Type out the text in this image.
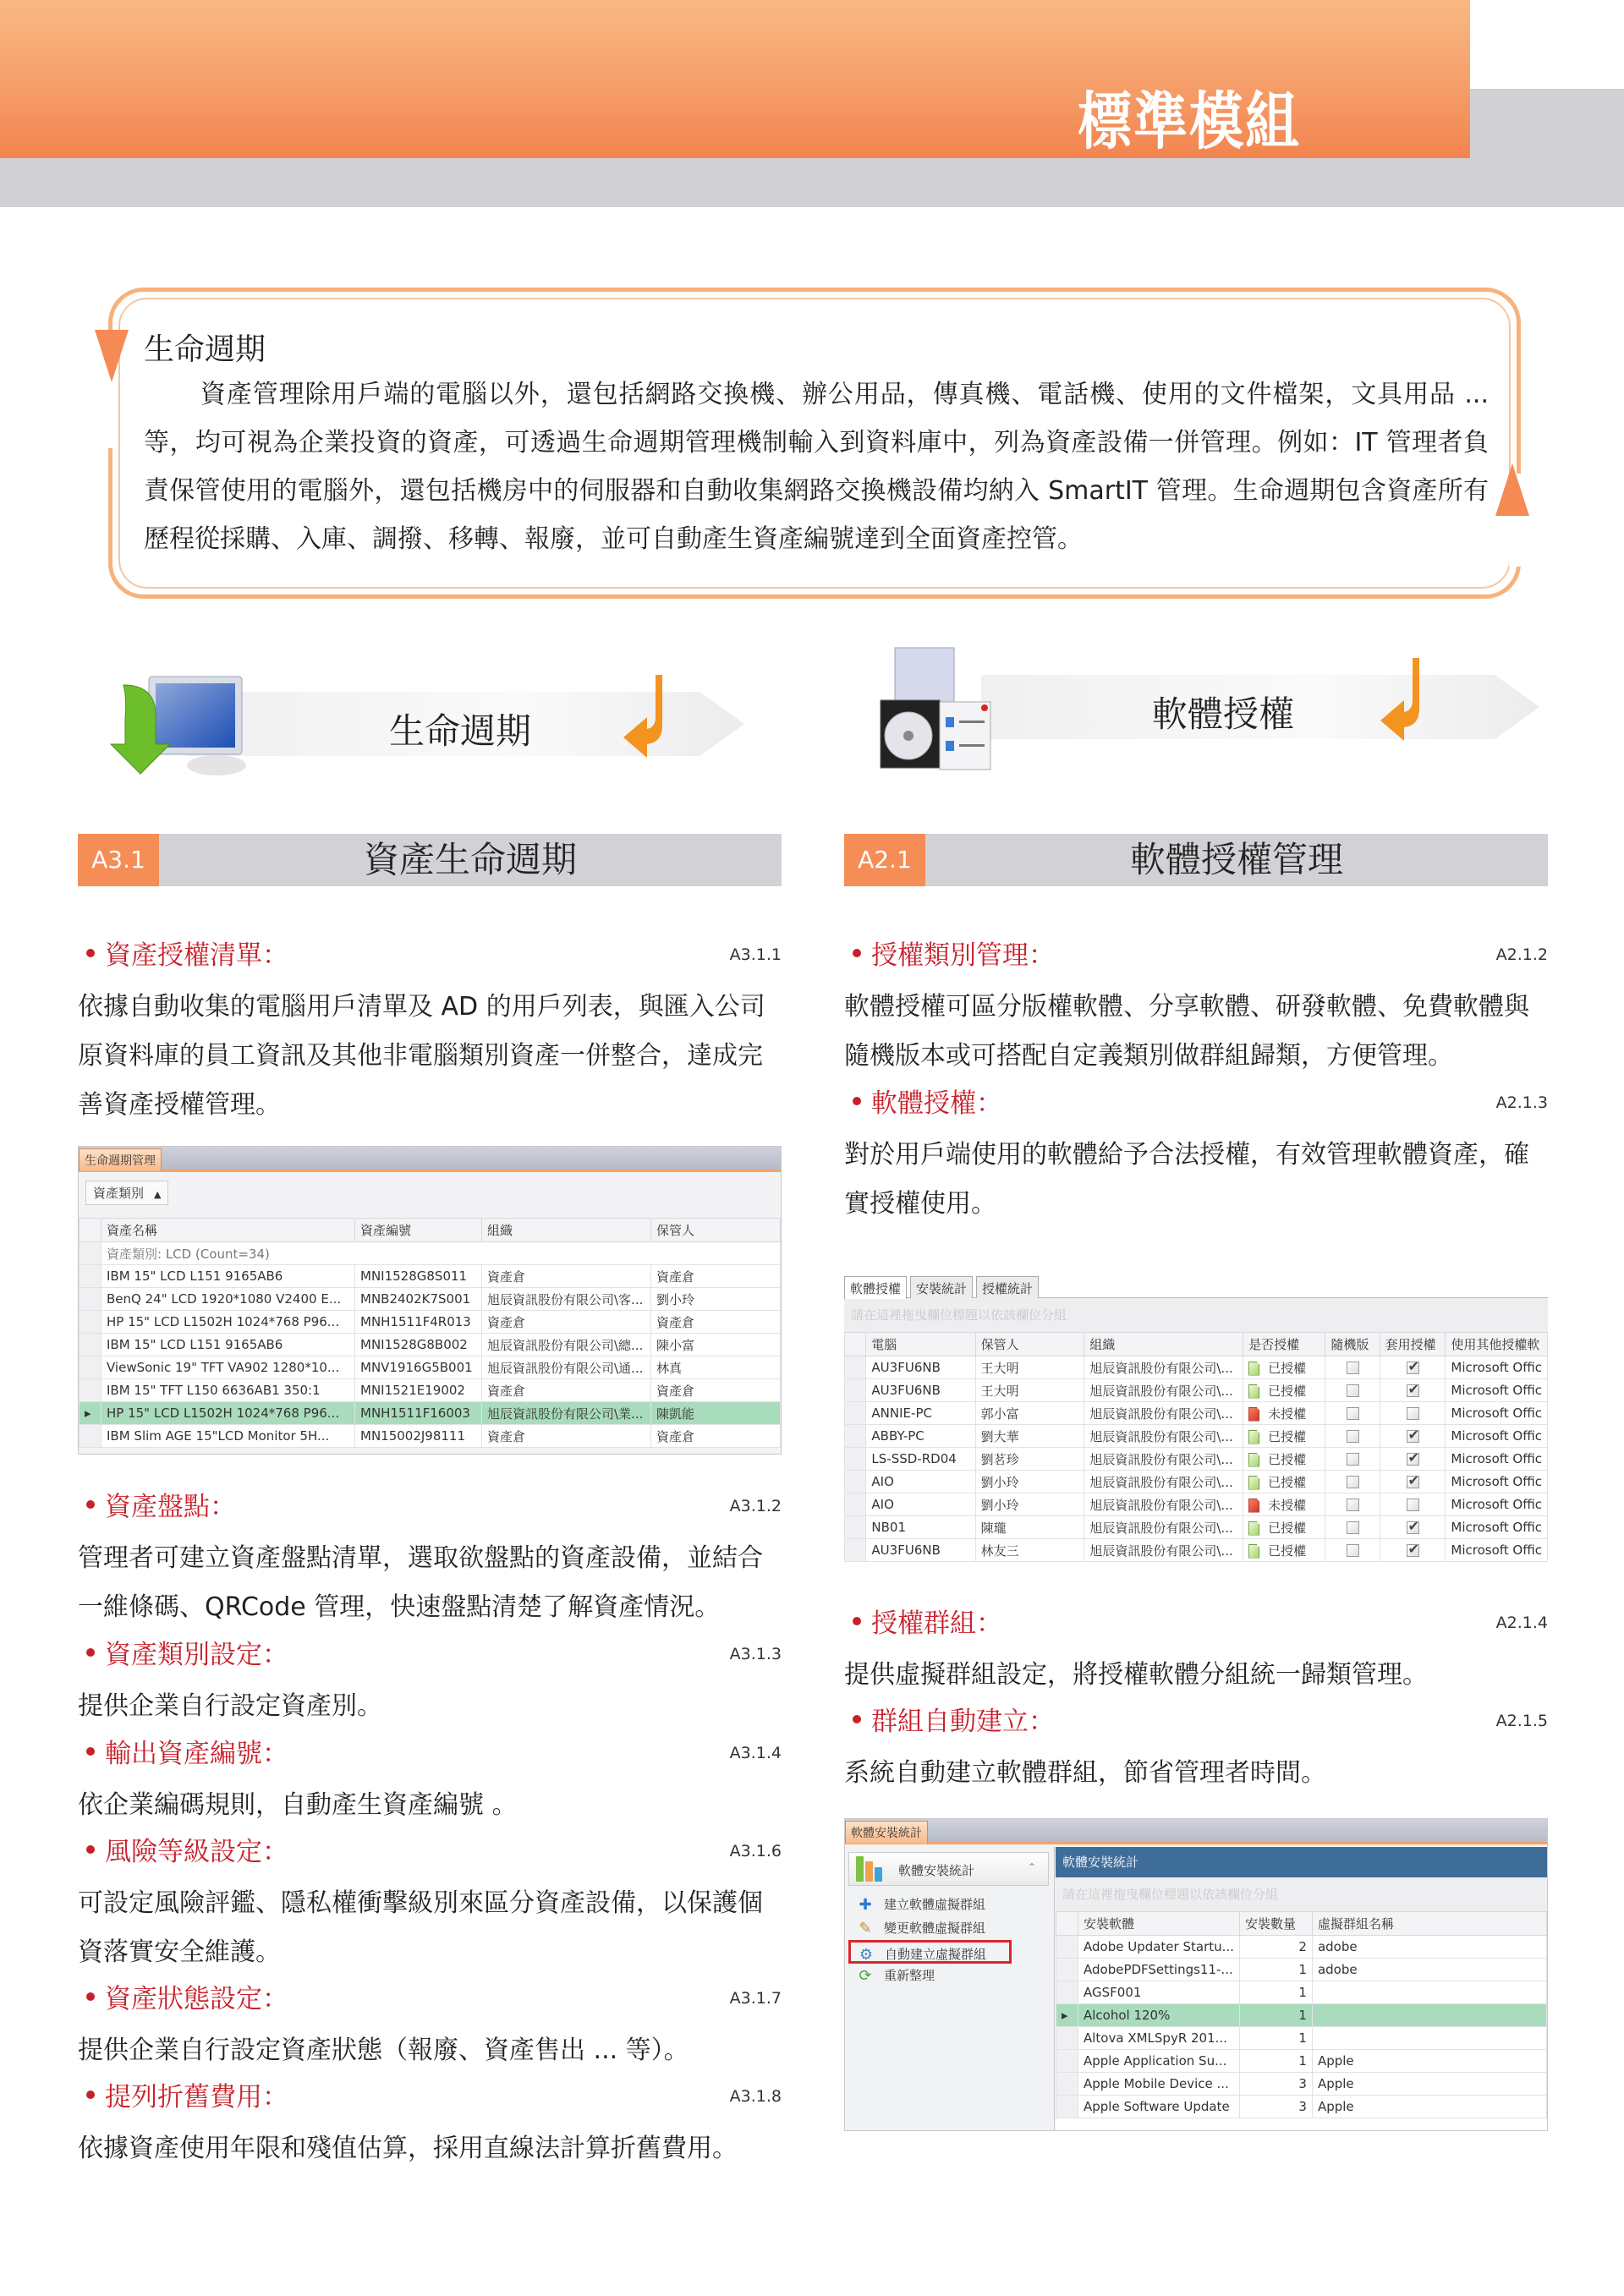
標準模組
生命週期
資產管理除用戶端的電腦以外，還包括網路交換機、辦公用品，傳真機、電話機、使用的文件檔架，文具用品 ... 等，均可視為企業投資的資產，可透過生命週期管理機制輸入到資料庫中，列為資產設備一併管理。例如：IT 管理者負責保管使用的電腦外，還包括機房中的伺服器和自動收集網路交換機設備均納入 SmartIT 管理。生命週期包含資產所有歷程從採購、入庫、調撥、移轉、報廢，並可自動產生資產編號達到全面資產控管。
生命週期	軟體授權
A3.1	資產生命週期	A2.1	軟體授權管理
資產授權清單：	A3.1.1
依據自動收集的電腦用戶清單及 AD 的用戶列表，與匯入公司原資料庫的員工資訊及其他非電腦類別資產一併整合，達成完善資產授權管理。
生命週期管理
資產類別 ▲
	資產名稱	資產編號	組織	保管人
	資產類別: LCD (Count=34)			
	IBM 15" LCD L151 9165AB6	MNI1528G8S011	資產倉	資產倉
	BenQ 24" LCD 1920*1080 V2400 E...	MNB2402K7S001	旭辰資訊股份有限公司\客...	劉小玲
	HP 15" LCD L1502H 1024*768 P96...	MNH1511F4R013	資產倉	資產倉
	IBM 15" LCD L151 9165AB6	MNI1528G8B002	旭辰資訊股份有限公司\總...	陳小富
	ViewSonic 19" TFT VA902 1280*10...	MNV1916G5B001	旭辰資訊股份有限公司\通...	林真
	IBM 15" TFT L150 6636AB1 350:1	MNI1521E19002	資產倉	資產倉
▸	HP 15" LCD L1502H 1024*768 P96...	MNH1511F16003	旭辰資訊股份有限公司\業...	陳凱能
	IBM Slim AGE 15"LCD Monitor 5H...	MN15002J98111	資產倉	資產倉
資產盤點：	A3.1.2
管理者可建立資產盤點清單，選取欲盤點的資產設備，並結合一維條碼、QRCode 管理，快速盤點清楚了解資產情況。
資產類別設定：	A3.1.3
提供企業自行設定資產別。
輸出資產編號：	A3.1.4
依企業編碼規則，自動產生資產編號 。
風險等級設定：	A3.1.6
可設定風險評鑑、隱私權衝擊級別來區分資產設備，以保護個資落實安全維護。
資產狀態設定：	A3.1.7
提供企業自行設定資產狀態（報廢、資產售出 ... 等）。
提列折舊費用：	A3.1.8
依據資產使用年限和殘值估算，採用直線法計算折舊費用。
授權類別管理：	A2.1.2
軟體授權可區分版權軟體、分享軟體、研發軟體、免費軟體與隨機版本或可搭配自定義類別做群組歸類，方便管理。
軟體授權：	A2.1.3
對於用戶端使用的軟體給予合法授權，有效管理軟體資產，確實授權使用。
軟體授權	安裝統計	授權統計
請在這裡拖曳欄位標題以依該欄位分組
	電腦	保管人	組織	是否授權	隨機版	套用授權	使用其他授權軟
	AU3FU6NB	王大明	旭辰資訊股份有限公司\...	已授權		✔	Microsoft Offic
	AU3FU6NB	王大明	旭辰資訊股份有限公司\...	已授權		✔	Microsoft Offic
	ANNIE-PC	郭小富	旭辰資訊股份有限公司\...	未授權			Microsoft Offic
	ABBY-PC	劉大華	旭辰資訊股份有限公司\...	已授權		✔	Microsoft Offic
	LS-SSD-RD04	劉茗珍	旭辰資訊股份有限公司\...	已授權		✔	Microsoft Offic
	AIO	劉小玲	旭辰資訊股份有限公司\...	已授權		✔	Microsoft Offic
	AIO	劉小玲	旭辰資訊股份有限公司\...	未授權			Microsoft Offic
	NB01	陳瓏	旭辰資訊股份有限公司\...	已授權		✔	Microsoft Offic
	AU3FU6NB	林友三	旭辰資訊股份有限公司\...	已授權		✔	Microsoft Offic
授權群組：	A2.1.4
提供虛擬群組設定，將授權軟體分組統一歸類管理。
群組自動建立：	A2.1.5
系統自動建立軟體群組，節省管理者時間。
軟體安裝統計
軟體安裝統計	⌃
✚ 建立軟體虛擬群組
✎ 變更軟體虛擬群組
⚙ 自動建立虛擬群組
⟳ 重新整理
軟體安裝統計
請在這裡拖曳欄位標題以依該欄位分組
	安裝軟體	安裝數量	虛擬群組名稱
	Adobe Updater Startu...	2	adobe
	AdobePDFSettings11-...	1	adobe
	AGSF001	1	
▸	Alcohol 120%	1	
	Altova XMLSpyR 201...	1	
	Apple Application Su...	1	Apple
	Apple Mobile Device ...	3	Apple
	Apple Software Update	3	Apple
